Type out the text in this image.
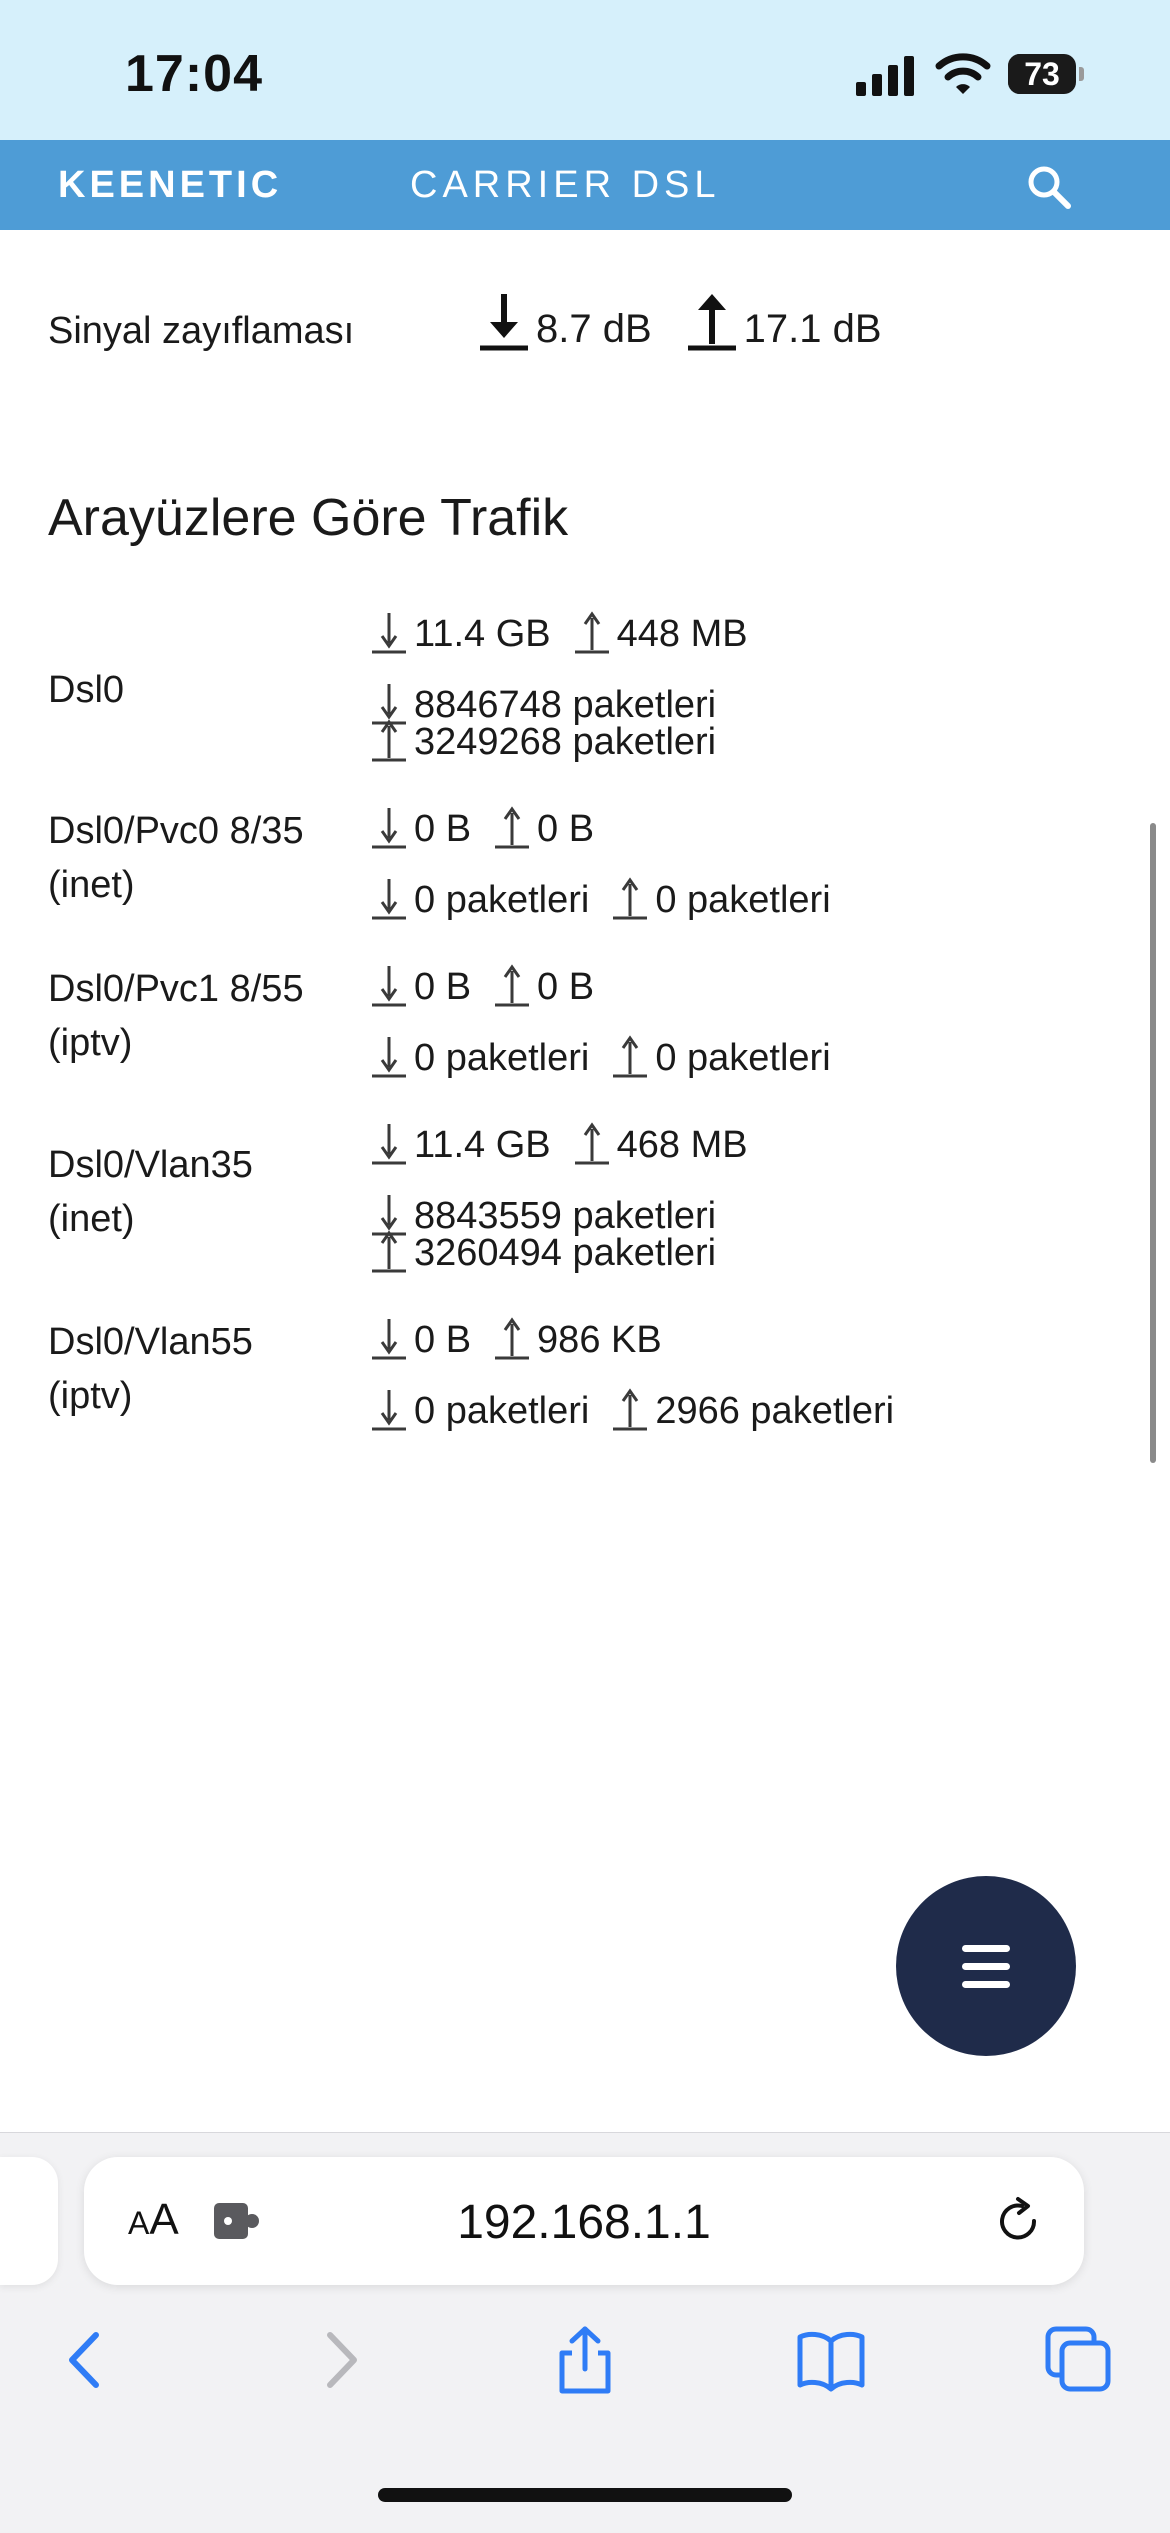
17:04	73
KEENETIC	CARRIER DSL
Sinyal zayıflaması	8.7 dB 17.1 dB
Arayüzlere Göre Trafik
Dsl0
11.4 GB 448 MB
8846748 paketleri
3249268 paketleri
Dsl0/Pvc0 8/35 (inet)
0 B 0 B
0 paketleri 0 paketleri
Dsl0/Pvc1 8/55 (iptv)
0 B 0 B
0 paketleri 0 paketleri
Dsl0/Vlan35 (inet)
11.4 GB 468 MB
8843559 paketleri
3260494 paketleri
Dsl0/Vlan55 (iptv)
0 B 986 KB
0 paketleri 2966 paketleri
AA	192.168.1.1
